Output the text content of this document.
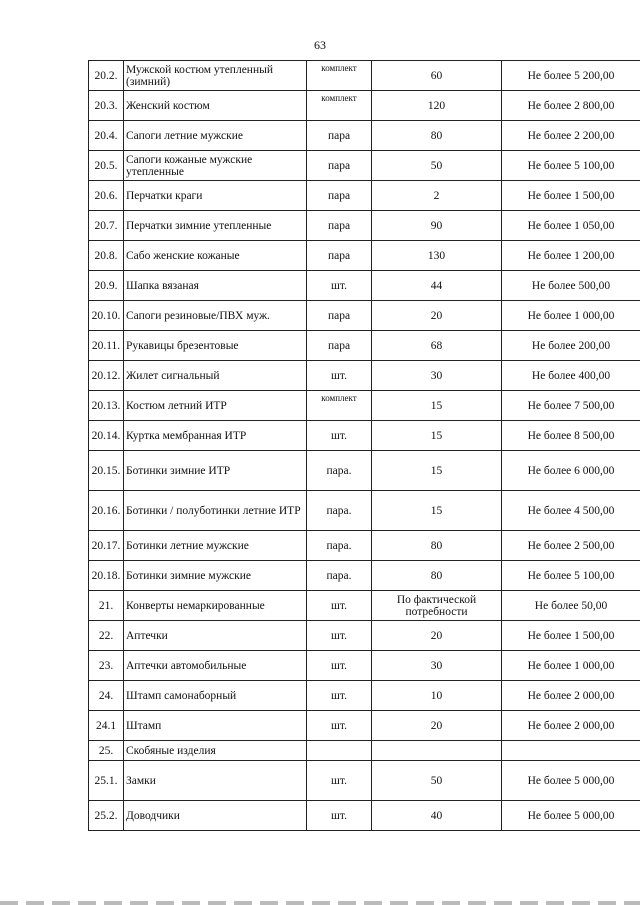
63
20.2.	Мужской костюм утепленный (зимний)	комплект	60	Не более 5 200,00
20.3.	Женский костюм	комплект	120	Не более 2 800,00
20.4.	Сапоги летние мужские	пара	80	Не более 2 200,00
20.5.	Сапоги кожаные мужские утепленные	пара	50	Не более 5 100,00
20.6.	Перчатки краги	пара	2	Не более 1 500,00
20.7.	Перчатки зимние утепленные	пара	90	Не более 1 050,00
20.8.	Сабо женские кожаные	пара	130	Не более 1 200,00
20.9.	Шапка вязаная	шт.	44	Не более 500,00
20.10.	Сапоги резиновые/ПВХ муж.	пара	20	Не более 1 000,00
20.11.	Рукавицы брезентовые	пара	68	Не более 200,00
20.12.	Жилет сигнальный	шт.	30	Не более 400,00
20.13.	Костюм летний ИТР	комплект	15	Не более 7 500,00
20.14.	Куртка мембранная ИТР	шт.	15	Не более 8 500,00
20.15.	Ботинки зимние ИТР	пара.	15	Не более 6 000,00
20.16.	Ботинки / полуботинки летние ИТР	пара.	15	Не более 4 500,00
20.17.	Ботинки летние мужские	пара.	80	Не более 2 500,00
20.18.	Ботинки зимние мужские	пара.	80	Не более 5 100,00
21.	Конверты немаркированные	шт.	По фактической потребности	Не более 50,00
22.	Аптечки	шт.	20	Не более 1 500,00
23.	Аптечки автомобильные	шт.	30	Не более 1 000,00
24.	Штамп самонаборный	шт.	10	Не более 2 000,00
24.1	Штамп	шт.	20	Не более 2 000,00
25.	Скобяные изделия			
25.1.	Замки	шт.	50	Не более 5 000,00
25.2.	Доводчики	шт.	40	Не более 5 000,00
